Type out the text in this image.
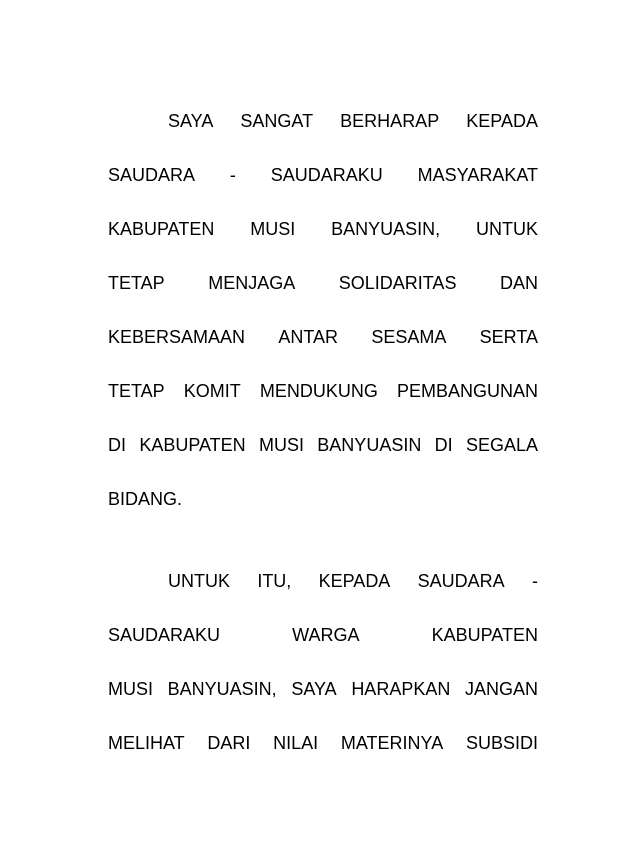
SAYA SANGAT BERHARAP KEPADA
SAUDARA - SAUDARAKU MASYARAKAT
KABUPATEN MUSI BANYUASIN, UNTUK
TETAP MENJAGA SOLIDARITAS DAN
KEBERSAMAAN ANTAR SESAMA SERTA
TETAP KOMIT MENDUKUNG PEMBANGUNAN
DI KABUPATEN MUSI BANYUASIN DI SEGALA
BIDANG.
UNTUK ITU, KEPADA SAUDARA -
SAUDARAKU	WARGA	KABUPATEN
MUSI BANYUASIN, SAYA HARAPKAN JANGAN
MELIHAT DARI NILAI MATERINYA SUBSIDI
